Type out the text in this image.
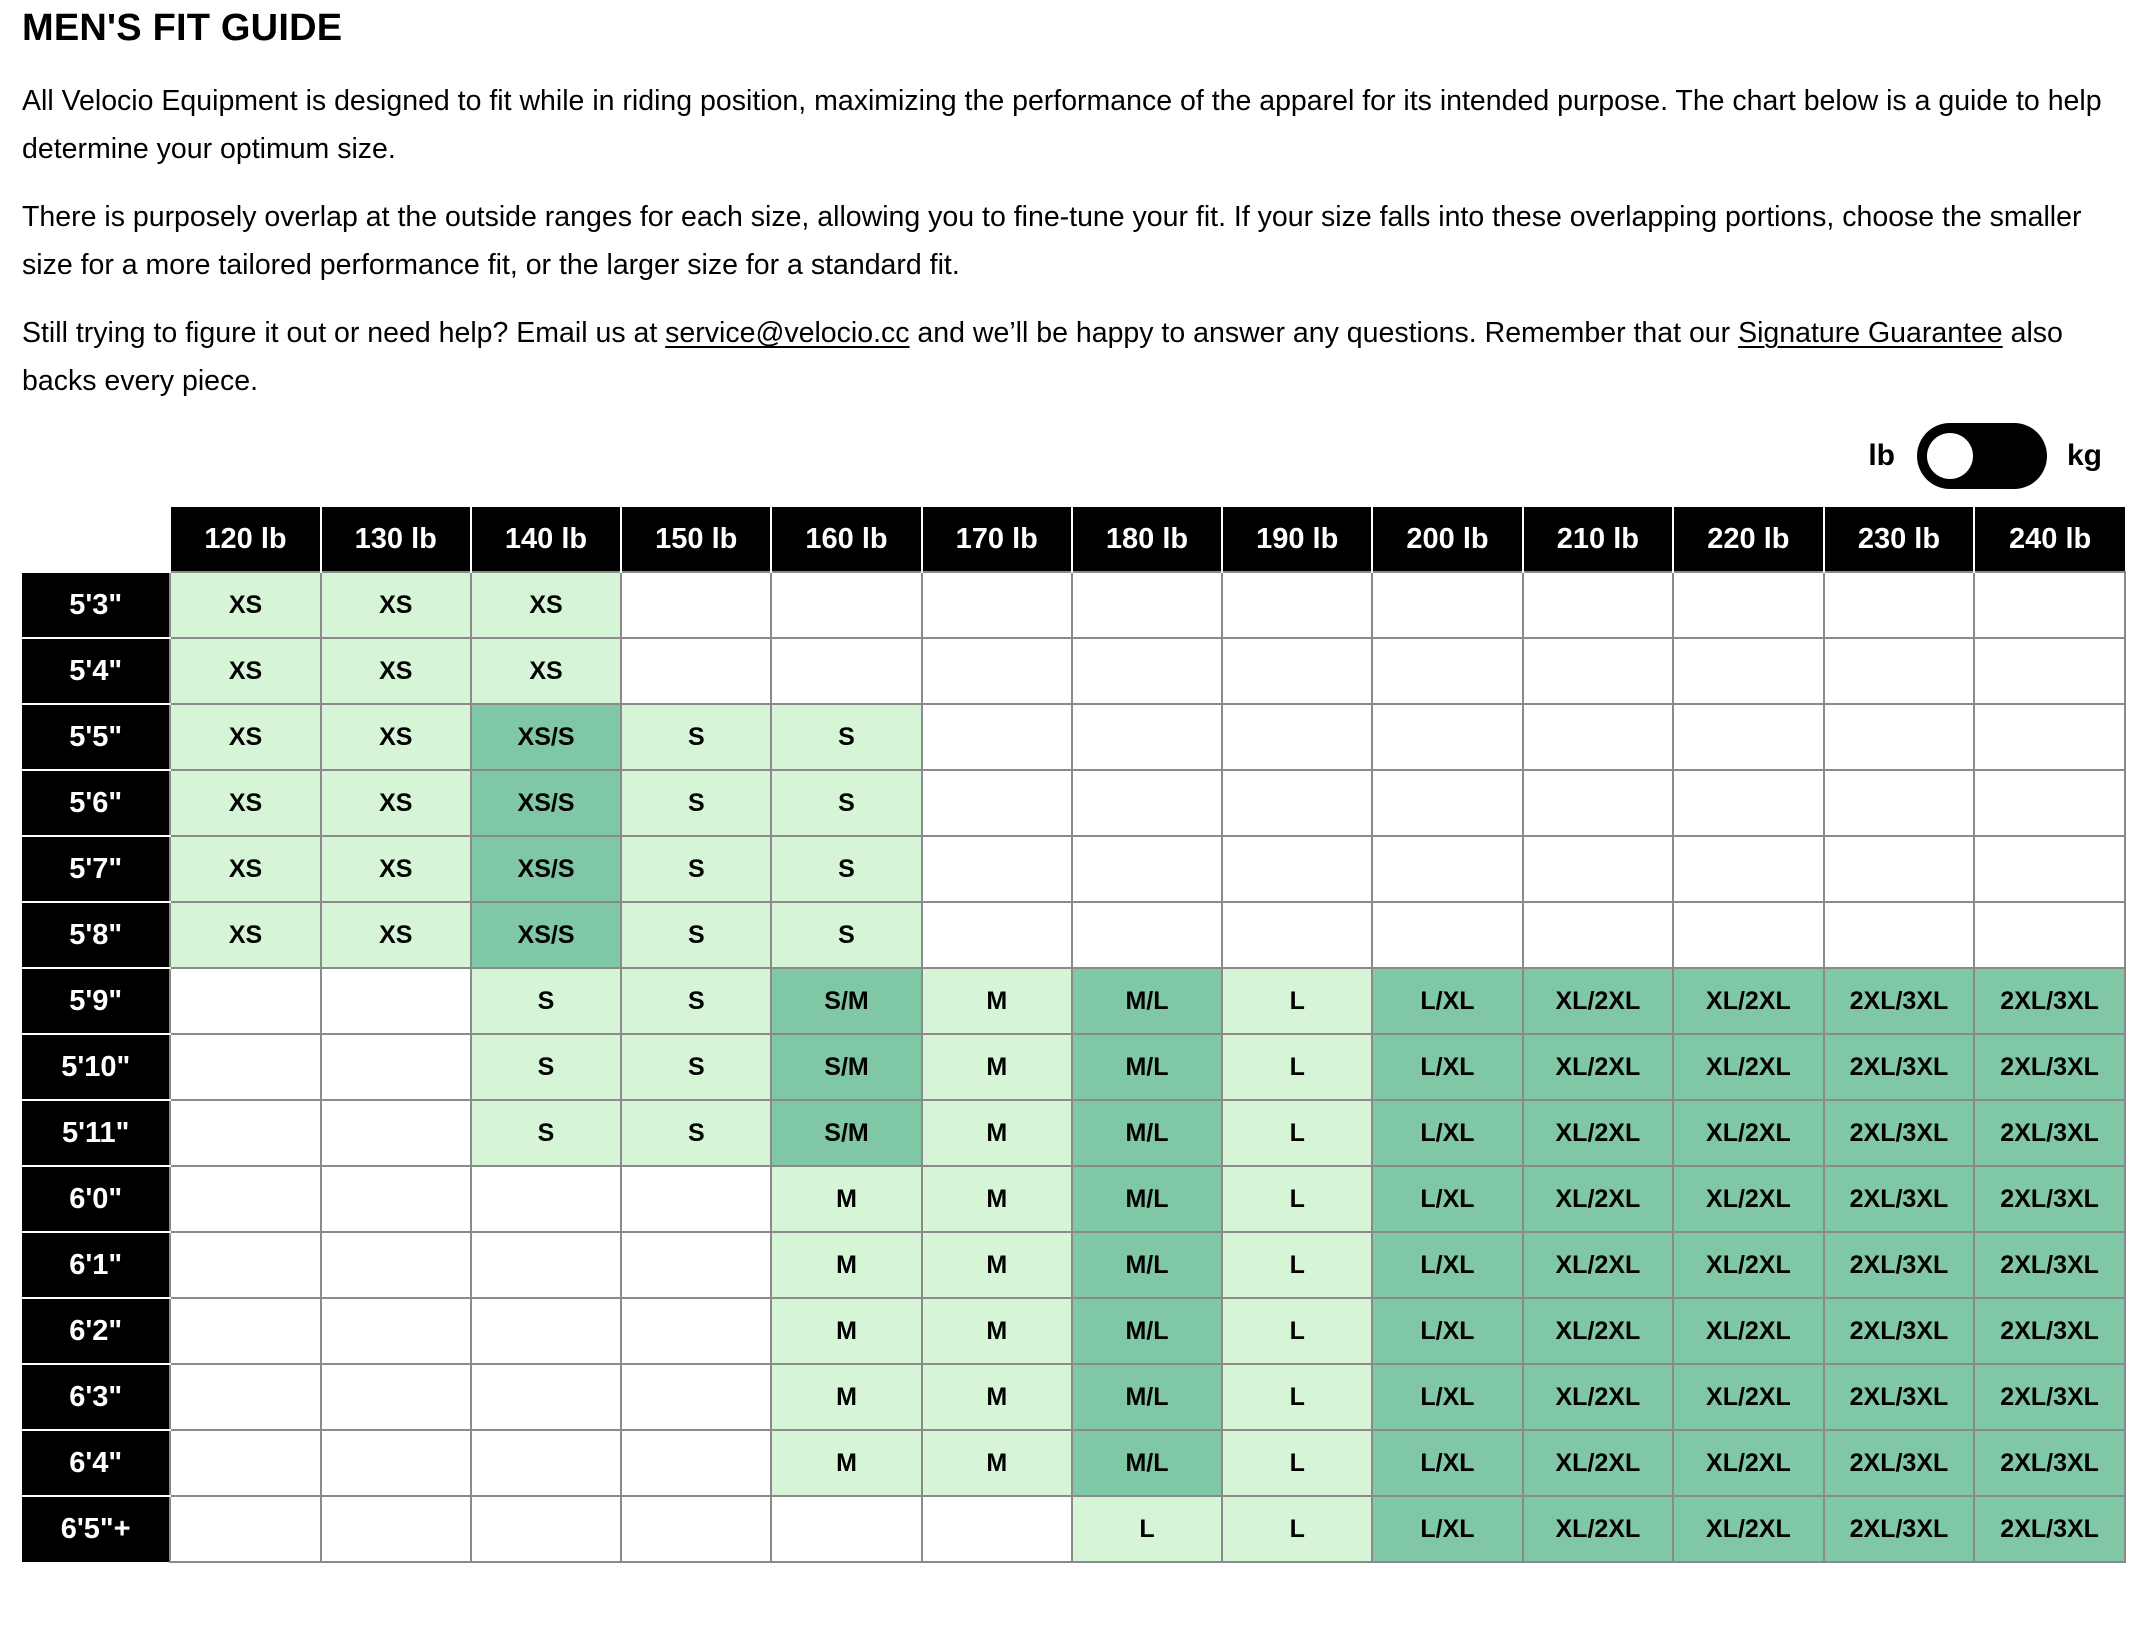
MEN'S FIT GUIDE

All Velocio Equipment is designed to fit while in riding position, maximizing the performance of the apparel for its intended purpose. The chart below is a guide to help determine your optimum size.

There is purposely overlap at the outside ranges for each size, allowing you to fine-tune your fit. If your size falls into these overlapping portions, choose the smaller size for a more tailored performance fit, or the larger size for a standard fit.

Still trying to figure it out or need help? Email us at service@velocio.cc and we’ll be happy to answer any questions. Remember that our Signature Guarantee also backs every piece.

lb	kg
	120 lb	130 lb	140 lb	150 lb	160 lb	170 lb	180 lb	190 lb	200 lb	210 lb	220 lb	230 lb	240 lb
5'3"	XS	XS	XS										
5'4"	XS	XS	XS										
5'5"	XS	XS	XS/S	S	S								
5'6"	XS	XS	XS/S	S	S								
5'7"	XS	XS	XS/S	S	S								
5'8"	XS	XS	XS/S	S	S								
5'9"			S	S	S/M	M	M/L	L	L/XL	XL/2XL	XL/2XL	2XL/3XL	2XL/3XL
5'10"			S	S	S/M	M	M/L	L	L/XL	XL/2XL	XL/2XL	2XL/3XL	2XL/3XL
5'11"			S	S	S/M	M	M/L	L	L/XL	XL/2XL	XL/2XL	2XL/3XL	2XL/3XL
6'0"					M	M	M/L	L	L/XL	XL/2XL	XL/2XL	2XL/3XL	2XL/3XL
6'1"					M	M	M/L	L	L/XL	XL/2XL	XL/2XL	2XL/3XL	2XL/3XL
6'2"					M	M	M/L	L	L/XL	XL/2XL	XL/2XL	2XL/3XL	2XL/3XL
6'3"					M	M	M/L	L	L/XL	XL/2XL	XL/2XL	2XL/3XL	2XL/3XL
6'4"					M	M	M/L	L	L/XL	XL/2XL	XL/2XL	2XL/3XL	2XL/3XL
6'5"+							L	L	L/XL	XL/2XL	XL/2XL	2XL/3XL	2XL/3XL
